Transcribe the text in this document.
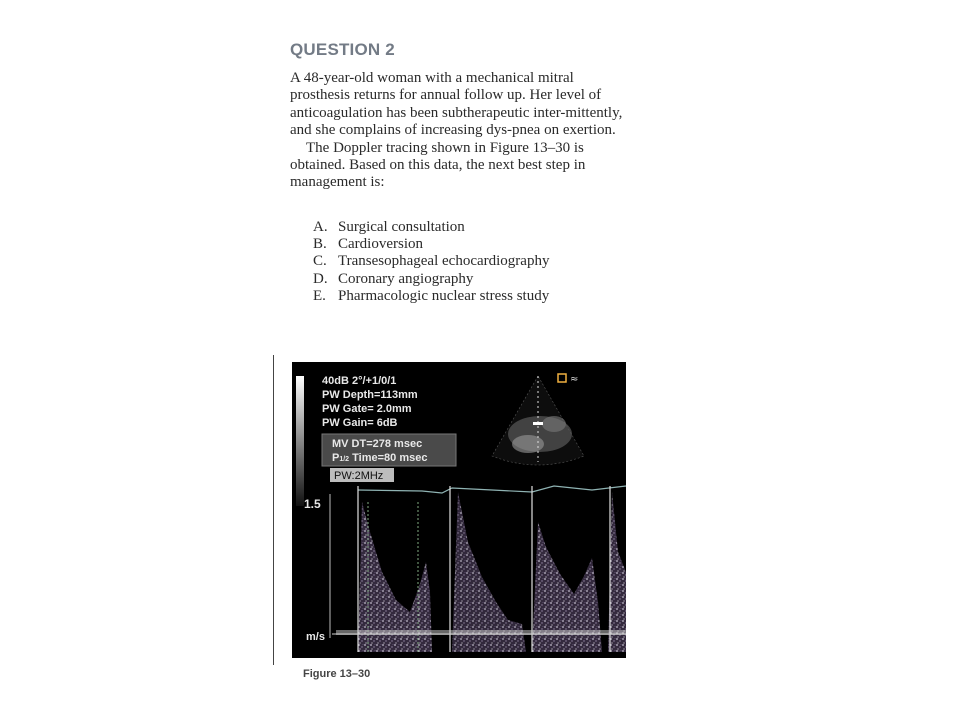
QUESTION 2

A 48-year-old woman with a mechanical mitral prosthesis returns for annual follow up. Her level of anticoagulation has been subtherapeutic inter-mittently, and she complains of increasing dys-pnea on exertion.

The Doppler tracing shown in Figure 13–30 is obtained. Based on this data, the next best step in management is:

A. Surgical consultation
B. Cardioversion
C. Transesophageal echocardiography
D. Coronary angiography
E. Pharmacologic nuclear stress study
40dB 2°/+1/0/1
PW Depth=113mm
PW Gate= 2.0mm
PW Gain= 6dB
MV DT=278 msec
P1/2 Time=80 msec
PW:2MHz
≈
1.5
m/s
Figure 13–30
